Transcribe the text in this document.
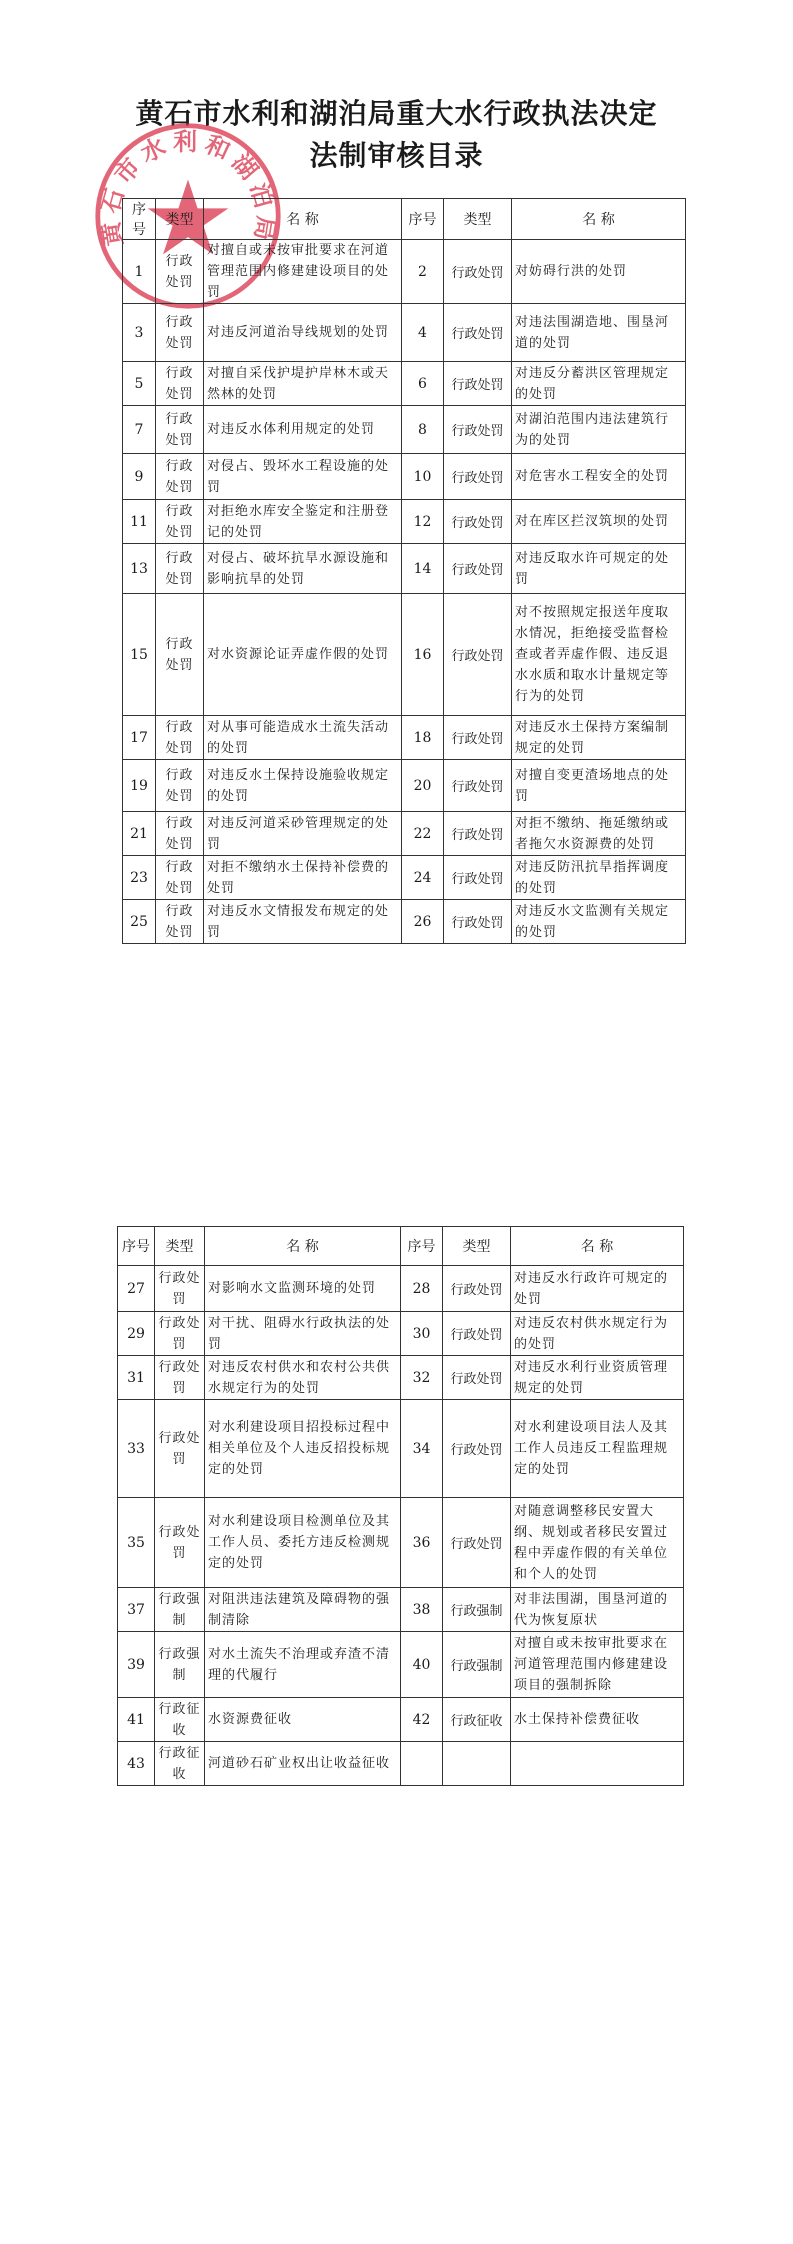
黄石市水利和湖泊局重大水行政执法决定
法制审核目录
黄石市水利和湖泊局
序号	类型	名 称	序号	类型	名 称
1	行政处罚	对擅自或未按审批要求在河道管理范围内修建建设项目的处罚	2	行政处罚	对妨碍行洪的处罚
3	行政处罚	对违反河道治导线规划的处罚	4	行政处罚	对违法围湖造地、围垦河道的处罚
5	行政处罚	对擅自采伐护堤护岸林木或天然林的处罚	6	行政处罚	对违反分蓄洪区管理规定的处罚
7	行政处罚	对违反水体利用规定的处罚	8	行政处罚	对湖泊范围内违法建筑行为的处罚
9	行政处罚	对侵占、毁坏水工程设施的处罚	10	行政处罚	对危害水工程安全的处罚
11	行政处罚	对拒绝水库安全鉴定和注册登记的处罚	12	行政处罚	对在库区拦汊筑坝的处罚
13	行政处罚	对侵占、破坏抗旱水源设施和影响抗旱的处罚	14	行政处罚	对违反取水许可规定的处罚
15	行政处罚	对水资源论证弄虚作假的处罚	16	行政处罚	对不按照规定报送年度取水情况，拒绝接受监督检查或者弄虚作假、违反退水水质和取水计量规定等行为的处罚
17	行政处罚	对从事可能造成水土流失活动的处罚	18	行政处罚	对违反水土保持方案编制规定的处罚
19	行政处罚	对违反水土保持设施验收规定的处罚	20	行政处罚	对擅自变更渣场地点的处罚
21	行政处罚	对违反河道采砂管理规定的处罚	22	行政处罚	对拒不缴纳、拖延缴纳或者拖欠水资源费的处罚
23	行政处罚	对拒不缴纳水土保持补偿费的处罚	24	行政处罚	对违反防汛抗旱指挥调度的处罚
25	行政处罚	对违反水文情报发布规定的处罚	26	行政处罚	对违反水文监测有关规定的处罚
序号	类型	名 称	序号	类型	名 称
27	行政处罚	对影响水文监测环境的处罚	28	行政处罚	对违反水行政许可规定的处罚
29	行政处罚	对干扰、阻碍水行政执法的处罚	30	行政处罚	对违反农村供水规定行为的处罚
31	行政处罚	对违反农村供水和农村公共供水规定行为的处罚	32	行政处罚	对违反水利行业资质管理规定的处罚
33	行政处罚	对水利建设项目招投标过程中相关单位及个人违反招投标规定的处罚	34	行政处罚	对水利建设项目法人及其工作人员违反工程监理规定的处罚
35	行政处罚	对水利建设项目检测单位及其工作人员、委托方违反检测规定的处罚	36	行政处罚	对随意调整移民安置大纲、规划或者移民安置过程中弄虚作假的有关单位和个人的处罚
37	行政强制	对阻洪违法建筑及障碍物的强制清除	38	行政强制	对非法围湖，围垦河道的代为恢复原状
39	行政强制	对水土流失不治理或弃渣不清理的代履行	40	行政强制	对擅自或未按审批要求在河道管理范围内修建建设项目的强制拆除
41	行政征收	水资源费征收	42	行政征收	水土保持补偿费征收
43	行政征收	河道砂石矿业权出让收益征收			
